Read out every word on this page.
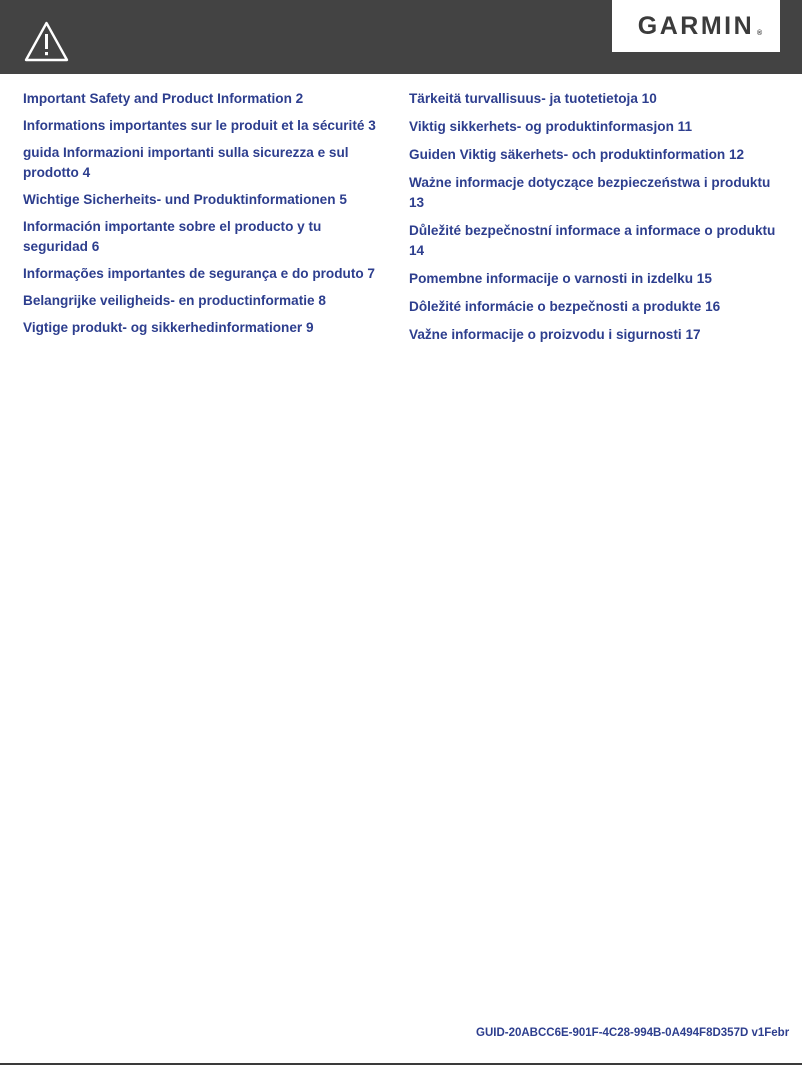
GARMIN ®
Important Safety and Product Information 2
Informations importantes sur le produit et la sécurité 3
guida Informazioni importanti sulla sicurezza e sul prodotto 4
Wichtige Sicherheits- und Produktinformationen 5
Información importante sobre el producto y tu seguridad 6
Informações importantes de segurança e do produto 7
Belangrijke veiligheids- en productinformatie 8
Vigtige produkt- og sikkerhedinformationer 9
Tärkeitä turvallisuus- ja tuotetietoja 10
Viktig sikkerhets- og produktinformasjon 11
Guiden Viktig säkerhets- och produktinformation 12
Ważne informacje dotyczące bezpieczeństwa i produktu 13
Důležité bezpečnostní informace a informace o produktu 14
Pomembne informacije o varnosti in izdelku 15
Dôležité informácie o bezpečnosti a produkte 16
Važne informacije o proizvodu i sigurnosti 17
GUID-20ABCC6E-901F-4C28-994B-0A494F8D357D v1Febr
